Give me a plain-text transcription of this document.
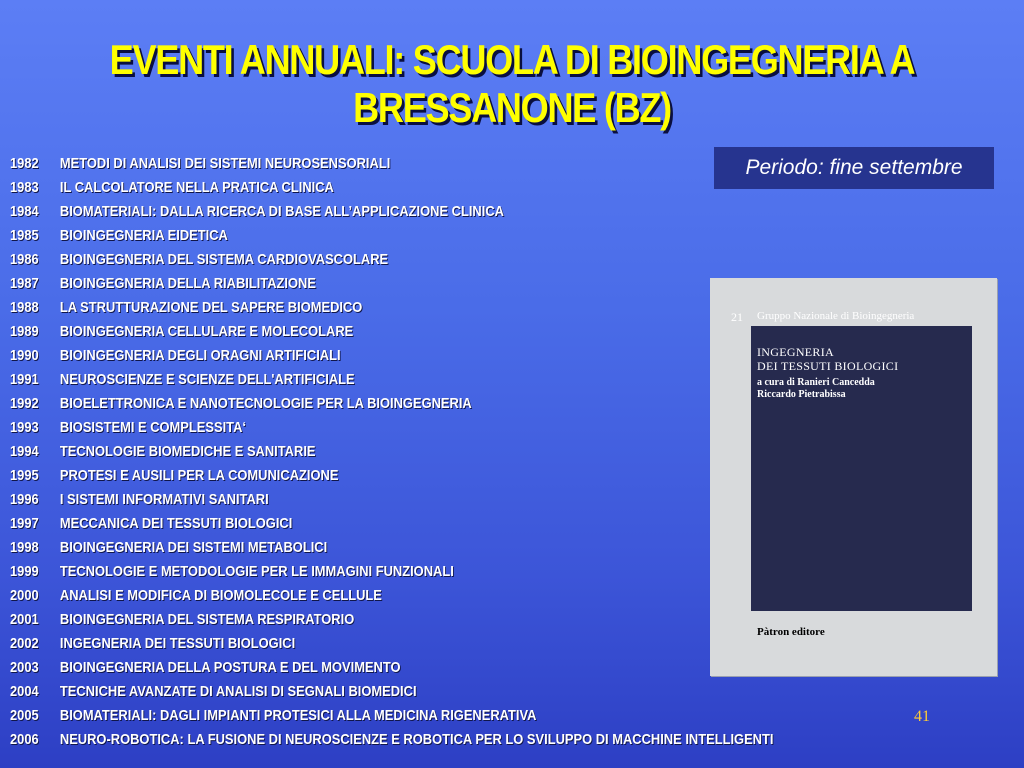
EVENTI ANNUALI: SCUOLA DI BIOINGEGNERIA A
BRESSANONE (BZ)
1982 METODI DI ANALISI DEI SISTEMI NEUROSENSORIALI
1983 IL CALCOLATORE NELLA PRATICA CLINICA
1984 BIOMATERIALI: DALLA RICERCA DI BASE ALL’APPLICAZIONE CLINICA
1985 BIOINGEGNERIA EIDETICA
1986 BIOINGEGNERIA DEL SISTEMA CARDIOVASCOLARE
1987 BIOINGEGNERIA DELLA RIABILITAZIONE
1988 LA STRUTTURAZIONE DEL SAPERE BIOMEDICO
1989 BIOINGEGNERIA CELLULARE E MOLECOLARE
1990 BIOINGEGNERIA DEGLI ORAGNI ARTIFICIALI
1991 NEUROSCIENZE E SCIENZE DELL'ARTIFICIALE
1992 BIOELETTRONICA E NANOTECNOLOGIE PER LA BIOINGEGNERIA
1993 BIOSISTEMI E COMPLESSITA‘
1994 TECNOLOGIE BIOMEDICHE E SANITARIE
1995 PROTESI E AUSILI PER LA COMUNICAZIONE
1996 I SISTEMI INFORMATIVI SANITARI
1997 MECCANICA DEI TESSUTI BIOLOGICI
1998 BIOINGEGNERIA DEI SISTEMI METABOLICI
1999 TECNOLOGIE E METODOLOGIE PER LE IMMAGINI FUNZIONALI
2000 ANALISI E MODIFICA DI BIOMOLECOLE E CELLULE
2001 BIOINGEGNERIA DEL SISTEMA RESPIRATORIO
2002 INGEGNERIA DEI TESSUTI BIOLOGICI
2003 BIOINGEGNERIA DELLA POSTURA E DEL MOVIMENTO
2004 TECNICHE AVANZATE DI ANALISI DI SEGNALI BIOMEDICI
2005 BIOMATERIALI: DAGLI IMPIANTI PROTESICI ALLA MEDICINA RIGENERATIVA
2006 NEURO-ROBOTICA: LA FUSIONE DI NEUROSCIENZE E ROBOTICA PER LO SVILUPPO DI MACCHINE INTELLIGENTI
Periodo: fine settembre
21 Gruppo Nazionale di Bioingegneria
INGEGNERIA
DEI TESSUTI BIOLOGICI
a cura di Ranieri Cancedda
Riccardo Pietrabissa
Pàtron editore
41
